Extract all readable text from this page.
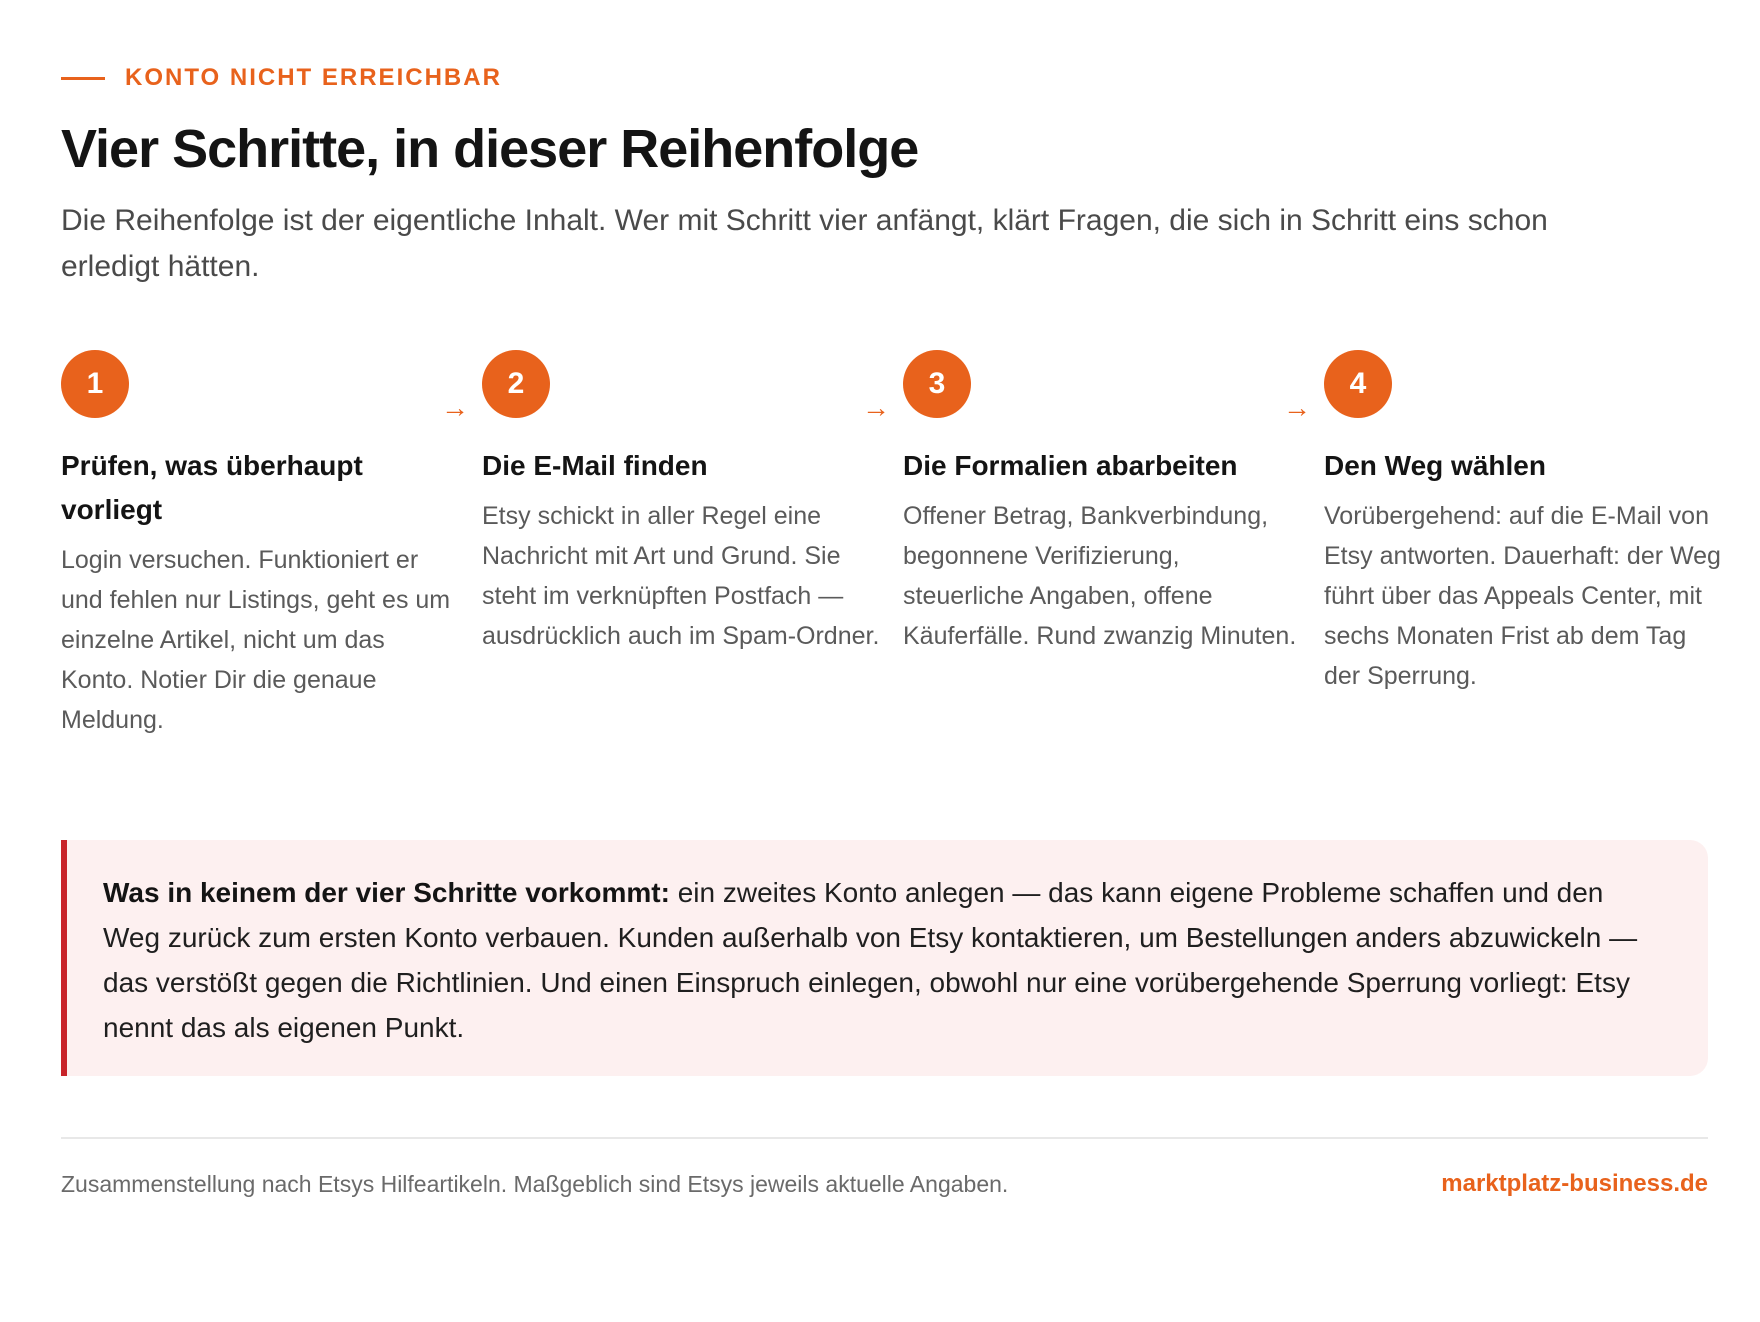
KONTO NICHT ERREICHBAR
Vier Schritte, in dieser Reihenfolge

Die Reihenfolge ist der eigentliche Inhalt. Wer mit Schritt vier anfängt, klärt Fragen, die sich in Schritt eins schon erledigt hätten.

1
Prüfen, was überhaupt vorliegt
Login versuchen. Funktioniert er und fehlen nur Listings, geht es um einzelne Artikel, nicht um das Konto. Notier Dir die genaue Meldung.
→
2
Die E-Mail finden
Etsy schickt in aller Regel eine Nachricht mit Art und Grund. Sie steht im verknüpften Postfach — ausdrücklich auch im Spam-Ordner.
→
3
Die Formalien abarbeiten
Offener Betrag, Bankverbindung, begonnene Verifizierung, steuerliche Angaben, offene Käuferfälle. Rund zwanzig Minuten.
→
4
Den Weg wählen
Vorübergehend: auf die E-Mail von Etsy antworten. Dauerhaft: der Weg führt über das Appeals Center, mit sechs Monaten Frist ab dem Tag der Sperrung.
Was in keinem der vier Schritte vorkommt: ein zweites Konto anlegen — das kann eigene Probleme schaffen und den Weg zurück zum ersten Konto verbauen. Kunden außerhalb von Etsy kontaktieren, um Bestellungen anders abzuwickeln — das verstößt gegen die Richtlinien. Und einen Einspruch einlegen, obwohl nur eine vorübergehende Sperrung vorliegt: Etsy nennt das als eigenen Punkt.
Zusammenstellung nach Etsys Hilfeartikeln. Maßgeblich sind Etsys jeweils aktuelle Angaben.	marktplatz-business.de
